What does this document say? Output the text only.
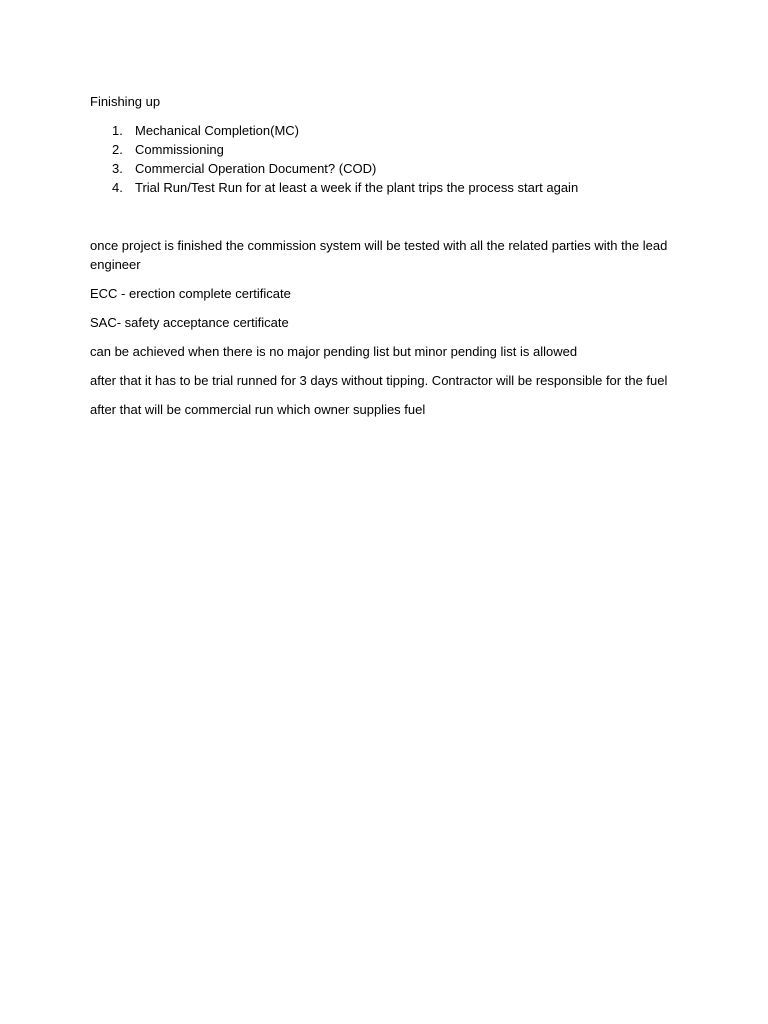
Finishing up

1. Mechanical Completion(MC)
2. Commissioning
3. Commercial Operation Document? (COD)
4. Trial Run/Test Run for at least a week if the plant trips the process start again

once project is finished the commission system will be tested with all the related parties with the lead engineer

ECC - erection complete certificate

SAC- safety acceptance certificate

can be achieved when there is no major pending list but minor pending list is allowed

after that it has to be trial runned for 3 days without tipping. Contractor will be responsible for the fuel

after that will be commercial run which owner supplies fuel
